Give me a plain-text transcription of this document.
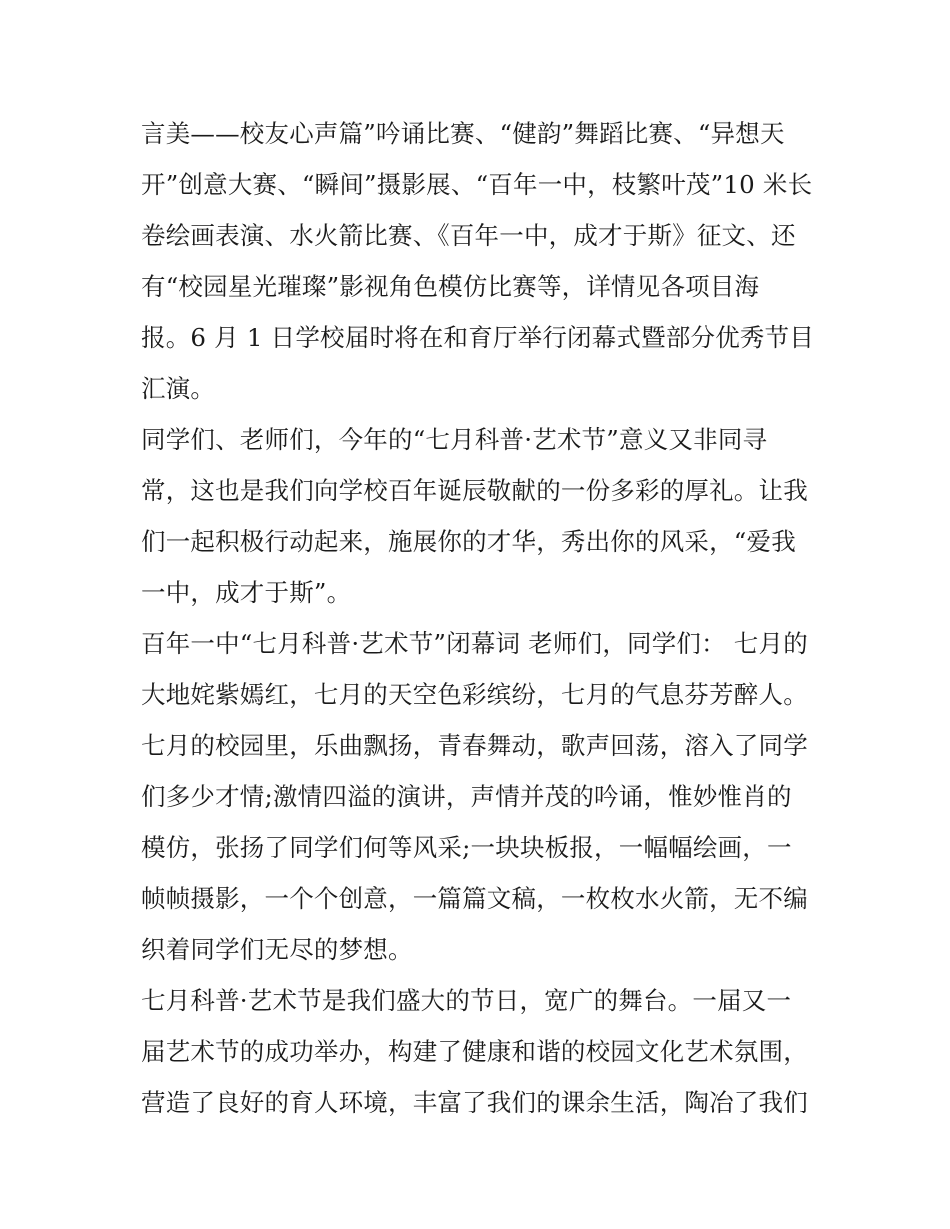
言美——校友心声篇”吟诵比赛、“健韵”舞蹈比赛、“异想天
开”创意大赛、“瞬间”摄影展、“百年一中，枝繁叶茂”10 米长
卷绘画表演、水火箭比赛、《百年一中，成才于斯》征文、还
有“校园星光璀璨”影视角色模仿比赛等，详情见各项目海
报。6 月 1 日学校届时将在和育厅举行闭幕式暨部分优秀节目
汇演。
同学们、老师们，今年的“七月科普·艺术节”意义又非同寻
常，这也是我们向学校百年诞辰敬献的一份多彩的厚礼。让我
们一起积极行动起来，施展你的才华，秀出你的风采，“爱我
一中，成才于斯”。
百年一中“七月科普·艺术节”闭幕词 老师们，同学们： 七月的
大地姹紫嫣红，七月的天空色彩缤纷，七月的气息芬芳醉人。
七月的校园里，乐曲飘扬，青春舞动，歌声回荡，溶入了同学
们多少才情;激情四溢的演讲，声情并茂的吟诵，惟妙惟肖的
模仿，张扬了同学们何等风采;一块块板报，一幅幅绘画，一
帧帧摄影，一个个创意，一篇篇文稿，一枚枚水火箭，无不编
织着同学们无尽的梦想。
七月科普·艺术节是我们盛大的节日，宽广的舞台。一届又一
届艺术节的成功举办，构建了健康和谐的校园文化艺术氛围，
营造了良好的育人环境，丰富了我们的课余生活，陶冶了我们
